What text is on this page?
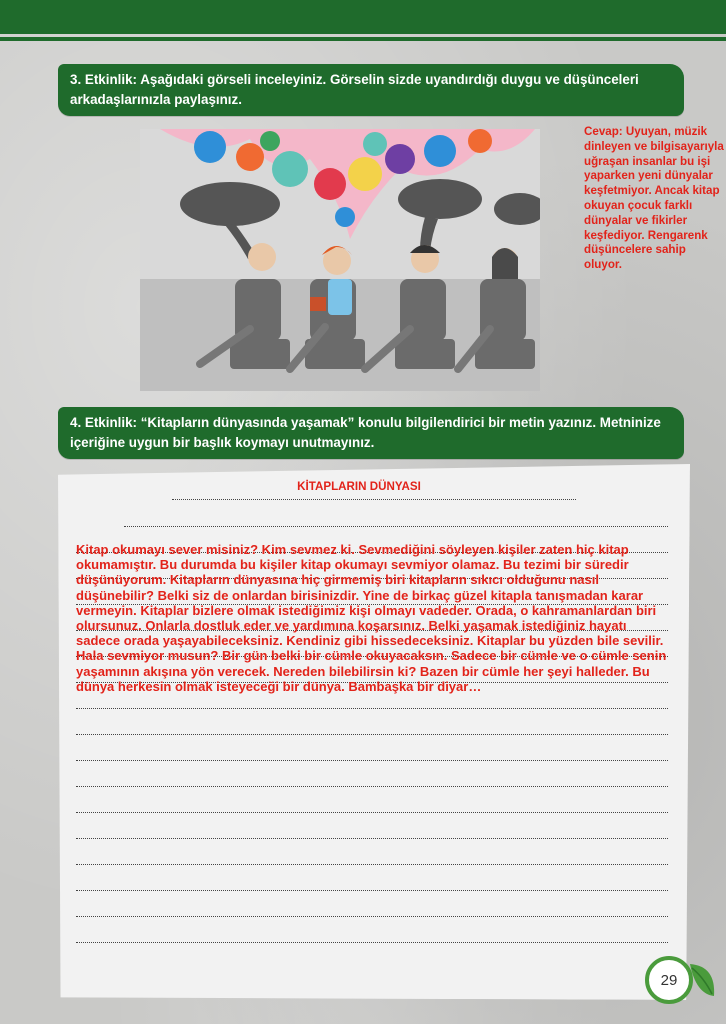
3. Etkinlik: Aşağıdaki görseli inceleyiniz. Görselin sizde uyandırdığı duygu ve düşünceleri arkadaşlarınızla paylaşınız.
Cevap: Uyuyan, müzik dinleyen ve bilgisayarıyla uğraşan insanlar bu işi yaparken yeni dünyalar keşfetmiyor. Ancak kitap okuyan çocuk farklı dünyalar ve fikirler keşfediyor. Rengarenk düşüncelere sahip oluyor.
4. Etkinlik: “Kitapların dünyasında yaşamak” konulu bilgilendirici bir metin yazınız. Metninize içeriğine uygun bir başlık koymayı unutmayınız.
KİTAPLARIN DÜNYASI
Kitap okumayı sever misiniz? Kim sevmez ki. Sevmediğini söyleyen kişiler zaten hiç kitap okumamıştır. Bu durumda bu kişiler kitap okumayı sevmiyor olamaz. Bu tezimi bir süredir düşünüyorum. Kitapların dünyasına hiç girmemiş biri kitapların sıkıcı olduğunu nasıl düşünebilir? Belki siz de onlardan birisinizdir. Yine de birkaç güzel kitapla tanışmadan karar vermeyin. Kitaplar bizlere olmak istediğimiz kişi olmayı vadeder. Orada, o kahramanlardan biri olursunuz. Onlarla dostluk eder ve yardımına koşarsınız. Belki yaşamak istediğiniz hayatı sadece orada yaşayabileceksiniz. Kendiniz gibi hissedeceksiniz. Kitaplar bu yüzden bile sevilir. Hala sevmiyor musun? Bir gün belki bir cümle okuyacaksın. Sadece bir cümle ve o cümle senin yaşamının akışına yön verecek. Nereden bilebilirsin ki? Bazen bir cümle her şeyi halleder. Bu dünya herkesin olmak isteyeceği bir dünya. Bambaşka bir diyar…
29
